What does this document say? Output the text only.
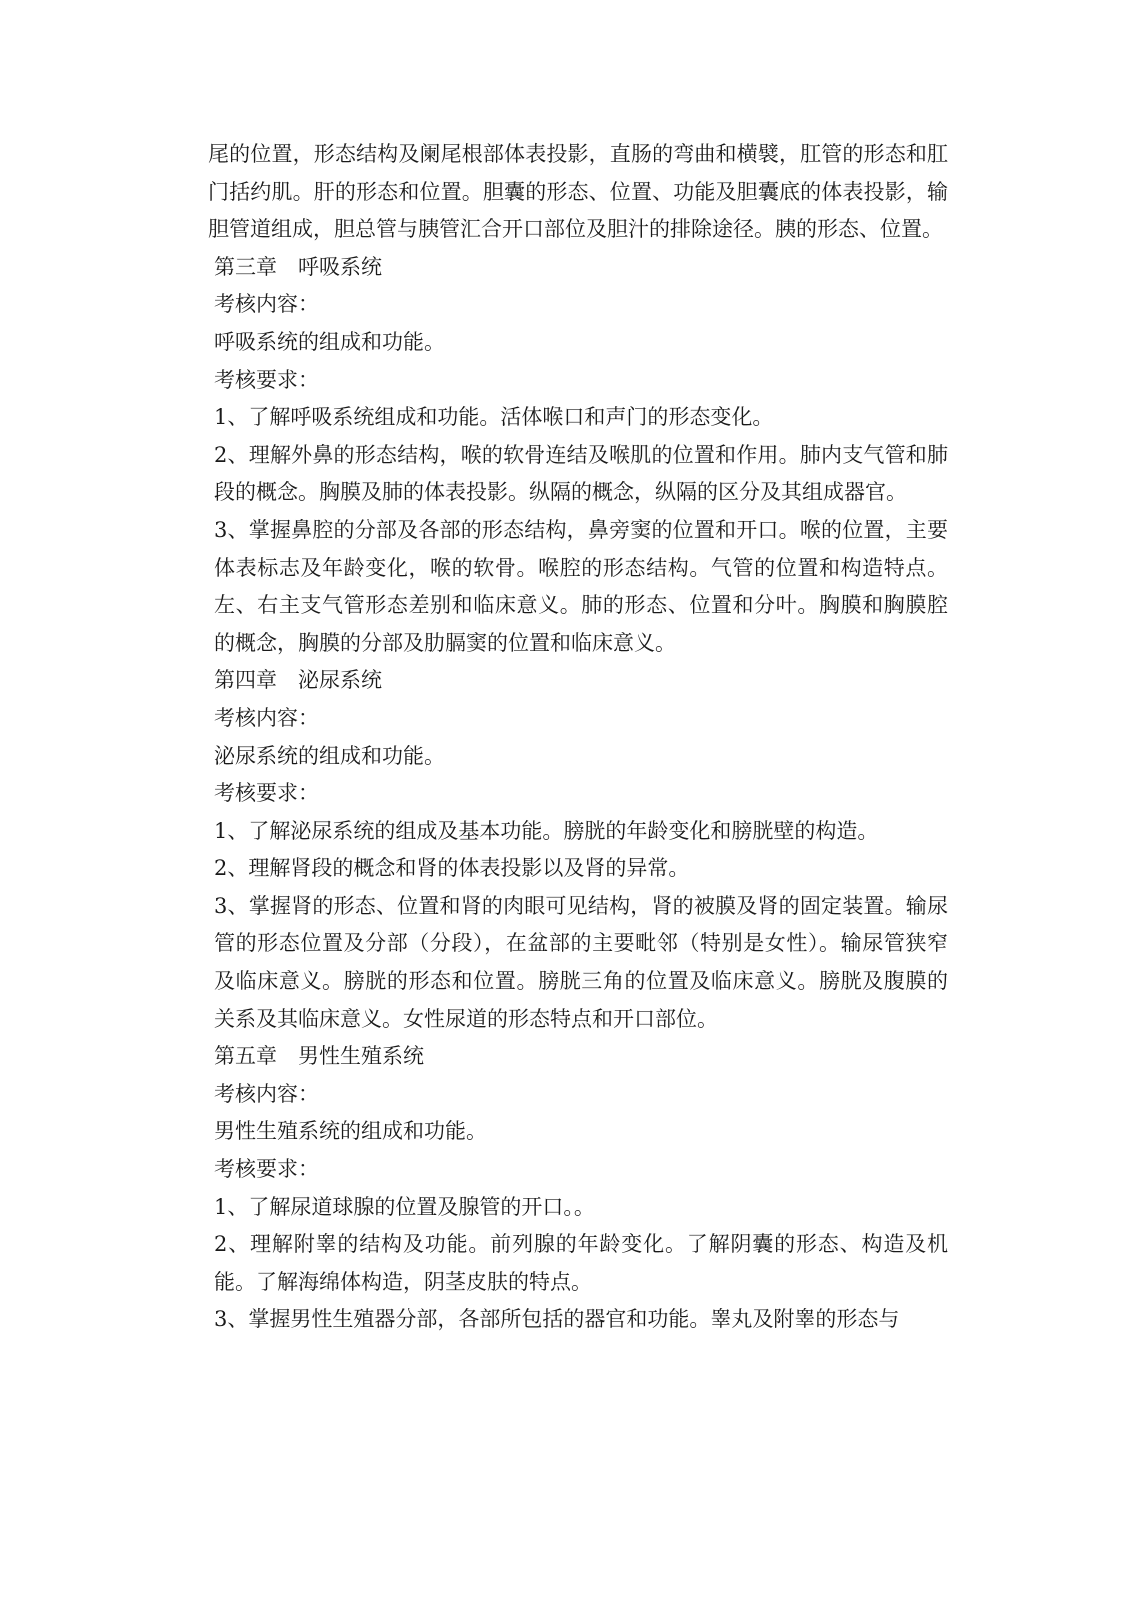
尾的位置，形态结构及阑尾根部体表投影，直肠的弯曲和横襞，肛管的形态和肛门括约肌。肝的形态和位置。胆囊的形态、位置、功能及胆囊底的体表投影，输胆管道组成，胆总管与胰管汇合开口部位及胆汁的排除途径。胰的形态、位置。

第三章　呼吸系统

考核内容：

呼吸系统的组成和功能。

考核要求：

1、了解呼吸系统组成和功能。活体喉口和声门的形态变化。

2、理解外鼻的形态结构，喉的软骨连结及喉肌的位置和作用。肺内支气管和肺段的概念。胸膜及肺的体表投影。纵隔的概念，纵隔的区分及其组成器官。

3、掌握鼻腔的分部及各部的形态结构，鼻旁窦的位置和开口。喉的位置，主要体表标志及年龄变化，喉的软骨。喉腔的形态结构。气管的位置和构造特点。左、右主支气管形态差别和临床意义。肺的形态、位置和分叶。胸膜和胸膜腔的概念，胸膜的分部及肋膈窦的位置和临床意义。

第四章　泌尿系统

考核内容：

泌尿系统的组成和功能。

考核要求：

1、了解泌尿系统的组成及基本功能。膀胱的年龄变化和膀胱壁的构造。

2、理解肾段的概念和肾的体表投影以及肾的异常。

3、掌握肾的形态、位置和肾的肉眼可见结构，肾的被膜及肾的固定装置。输尿管的形态位置及分部（分段），在盆部的主要毗邻（特别是女性）。输尿管狭窄及临床意义。膀胱的形态和位置。膀胱三角的位置及临床意义。膀胱及腹膜的关系及其临床意义。女性尿道的形态特点和开口部位。

第五章　男性生殖系统

考核内容：

男性生殖系统的组成和功能。

考核要求：

1、了解尿道球腺的位置及腺管的开口。。

2、理解附睾的结构及功能。前列腺的年龄变化。了解阴囊的形态、构造及机能。了解海绵体构造，阴茎皮肤的特点。

3、掌握男性生殖器分部，各部所包括的器官和功能。睾丸及附睾的形态与
